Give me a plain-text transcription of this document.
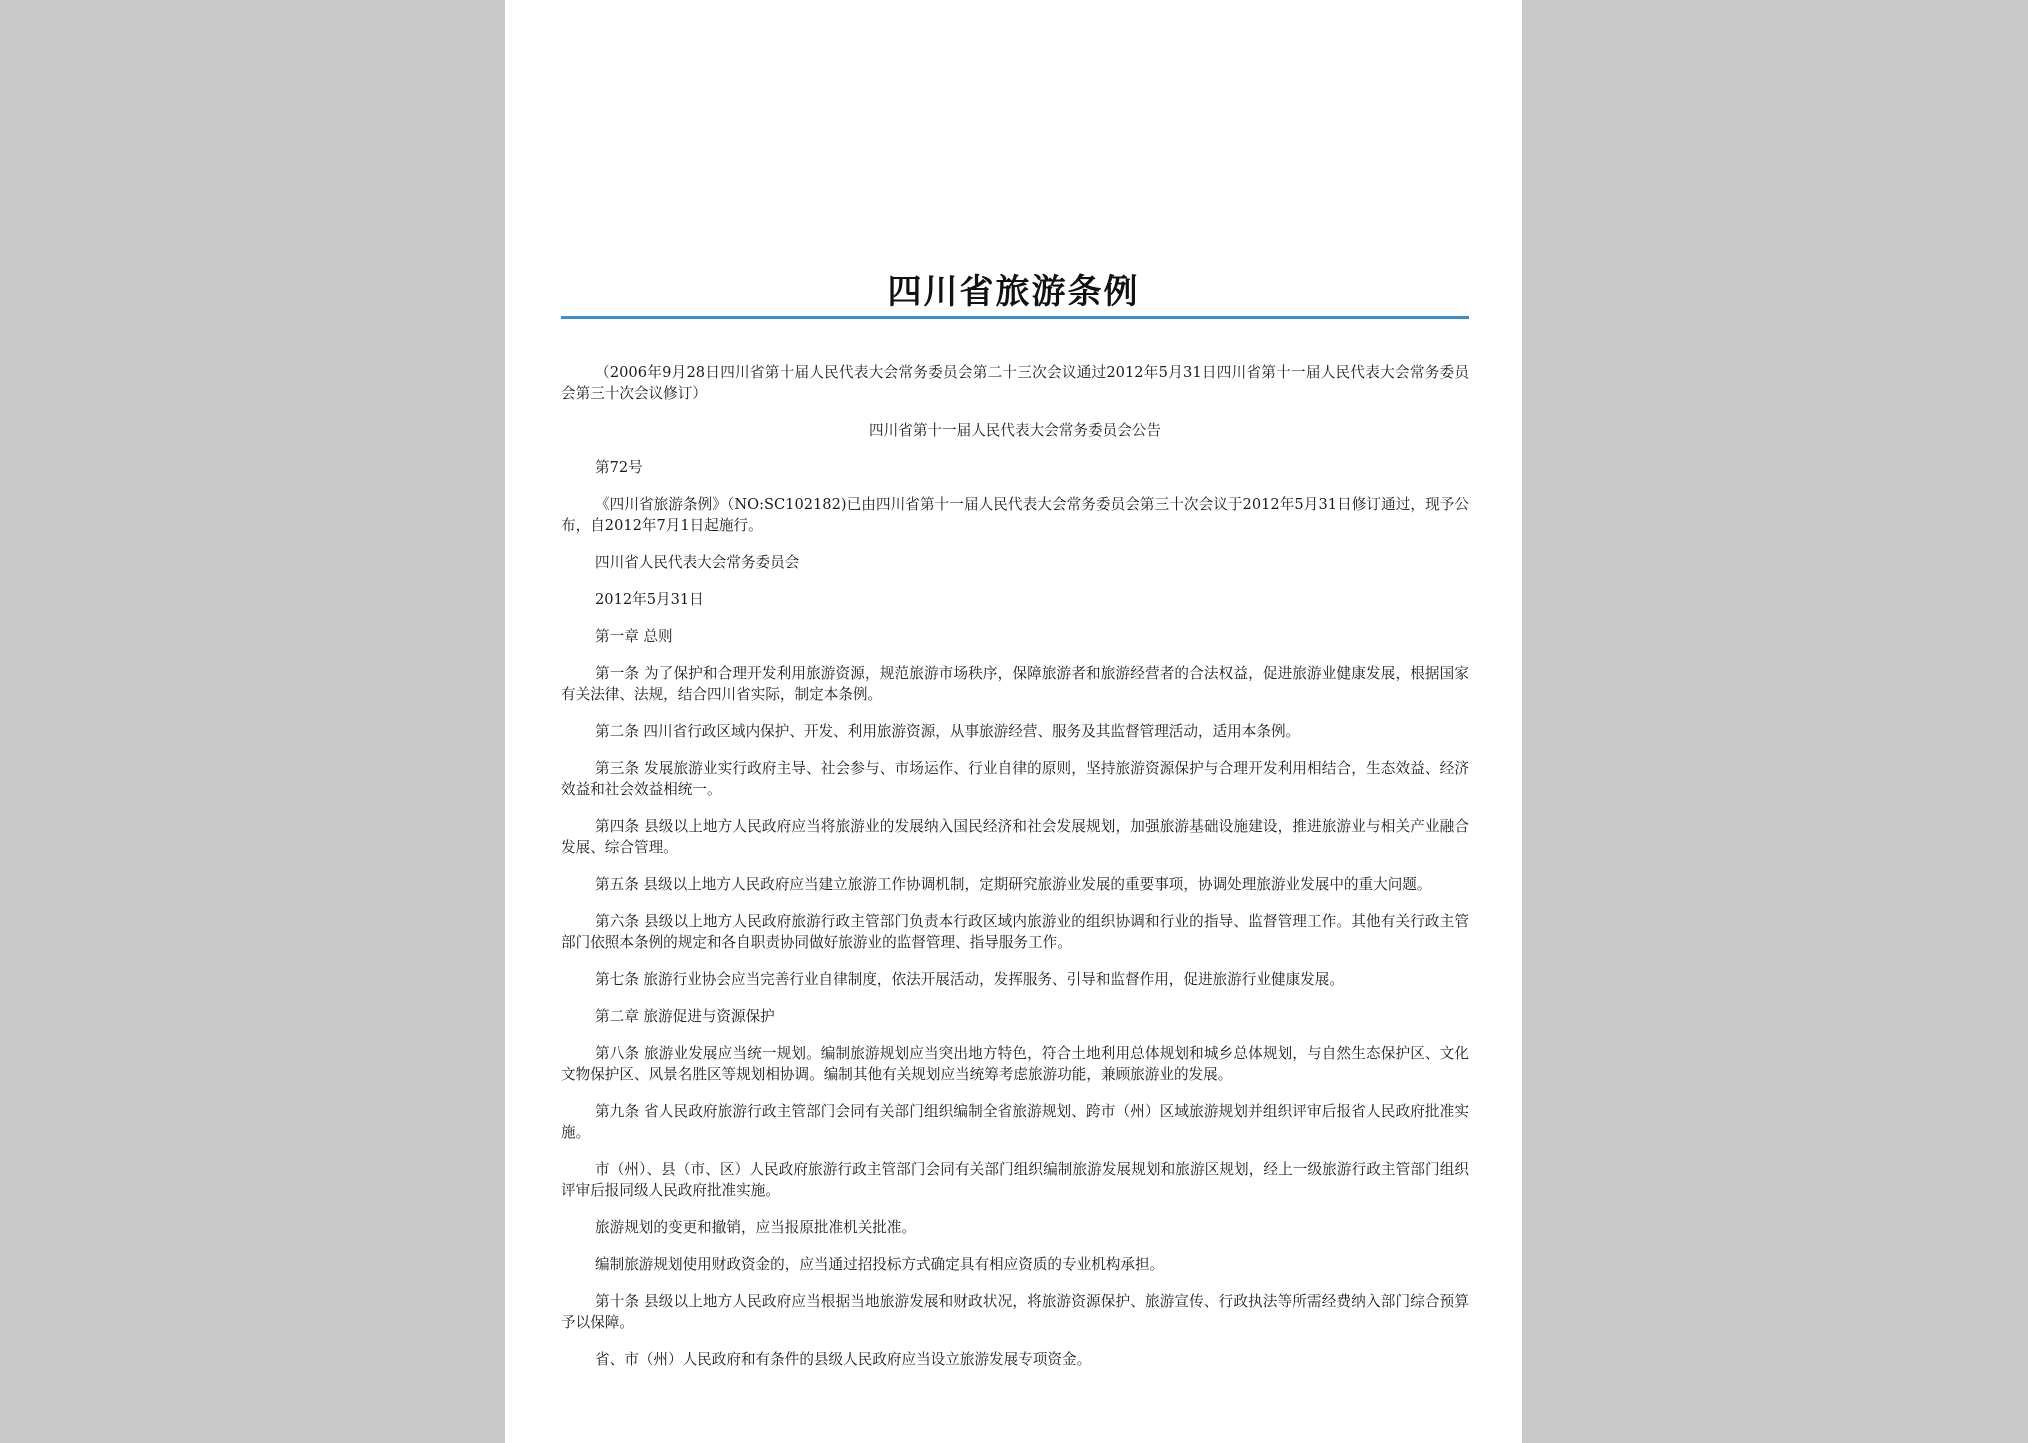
四川省旅游条例

（2006年9月28日四川省第十届人民代表大会常务委员会第二十三次会议通过2012年5月31日四川省第十一届人民代表大会常务委员会第三十次会议修订）

四川省第十一届人民代表大会常务委员会公告

第72号

《四川省旅游条例》（NO:SC102182)已由四川省第十一届人民代表大会常务委员会第三十次会议于2012年5月31日修订通过，现予公布，自2012年7月1日起施行。

四川省人民代表大会常务委员会

2012年5月31日

第一章 总则

第一条 为了保护和合理开发利用旅游资源，规范旅游市场秩序，保障旅游者和旅游经营者的合法权益，促进旅游业健康发展，根据国家有关法律、法规，结合四川省实际，制定本条例。

第二条 四川省行政区域内保护、开发、利用旅游资源，从事旅游经营、服务及其监督管理活动，适用本条例。

第三条 发展旅游业实行政府主导、社会参与、市场运作、行业自律的原则，坚持旅游资源保护与合理开发利用相结合，生态效益、经济效益和社会效益相统一。

第四条 县级以上地方人民政府应当将旅游业的发展纳入国民经济和社会发展规划，加强旅游基础设施建设，推进旅游业与相关产业融合发展、综合管理。

第五条 县级以上地方人民政府应当建立旅游工作协调机制，定期研究旅游业发展的重要事项，协调处理旅游业发展中的重大问题。

第六条 县级以上地方人民政府旅游行政主管部门负责本行政区域内旅游业的组织协调和行业的指导、监督管理工作。其他有关行政主管部门依照本条例的规定和各自职责协同做好旅游业的监督管理、指导服务工作。

第七条 旅游行业协会应当完善行业自律制度，依法开展活动，发挥服务、引导和监督作用，促进旅游行业健康发展。

第二章 旅游促进与资源保护

第八条 旅游业发展应当统一规划。编制旅游规划应当突出地方特色，符合土地利用总体规划和城乡总体规划，与自然生态保护区、文化文物保护区、风景名胜区等规划相协调。编制其他有关规划应当统筹考虑旅游功能，兼顾旅游业的发展。

第九条 省人民政府旅游行政主管部门会同有关部门组织编制全省旅游规划、跨市（州）区域旅游规划并组织评审后报省人民政府批准实施。

市（州）、县（市、区）人民政府旅游行政主管部门会同有关部门组织编制旅游发展规划和旅游区规划，经上一级旅游行政主管部门组织评审后报同级人民政府批准实施。

旅游规划的变更和撤销，应当报原批准机关批准。

编制旅游规划使用财政资金的，应当通过招投标方式确定具有相应资质的专业机构承担。

第十条 县级以上地方人民政府应当根据当地旅游发展和财政状况，将旅游资源保护、旅游宣传、行政执法等所需经费纳入部门综合预算予以保障。

省、市（州）人民政府和有条件的县级人民政府应当设立旅游发展专项资金。
